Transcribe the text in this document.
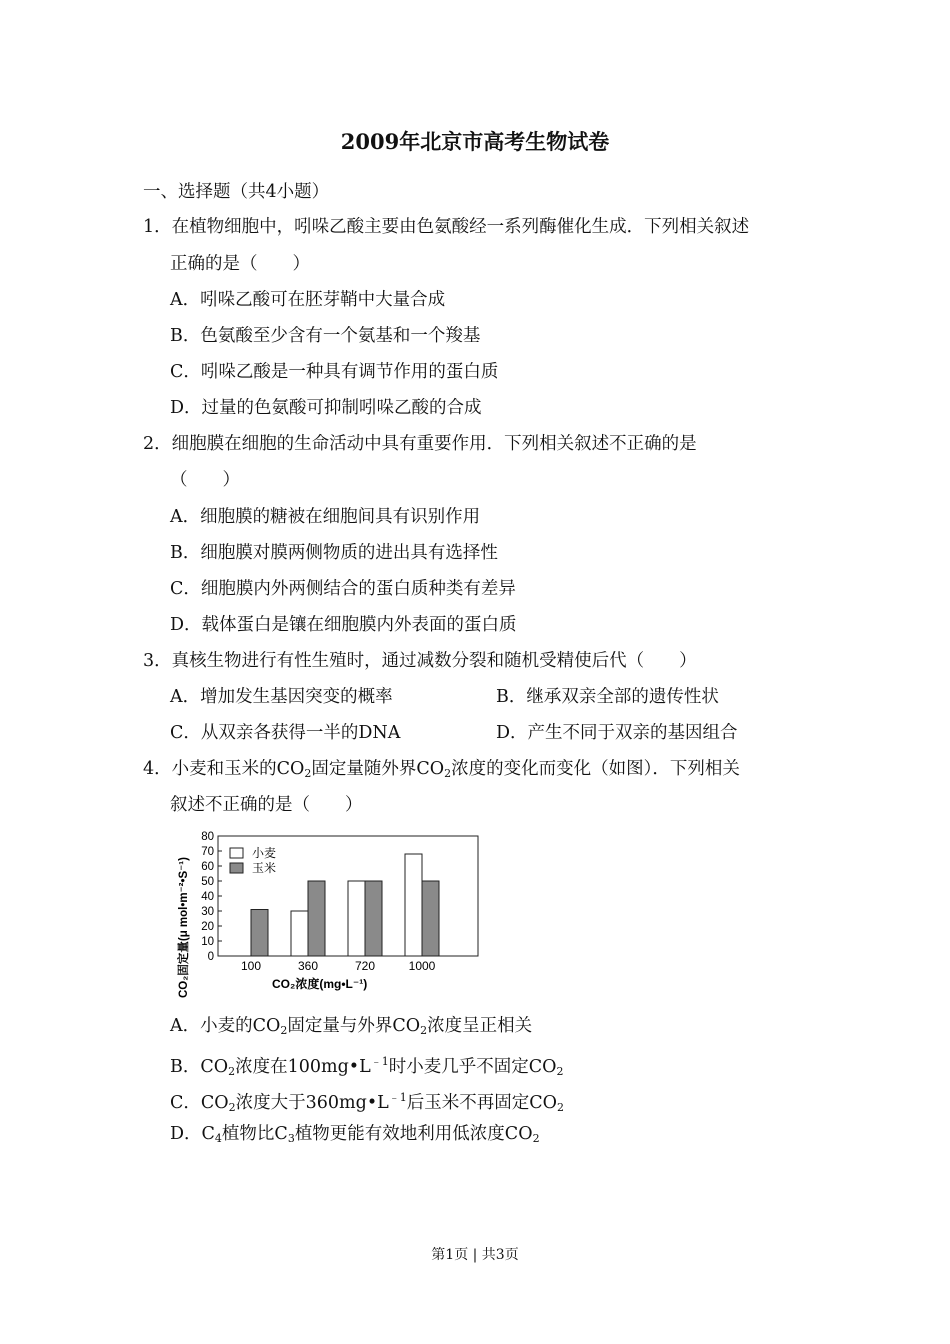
2009年北京市高考生物试卷
一、选择题（共4小题）
1．在植物细胞中，吲哚乙酸主要由色氨酸经一系列酶催化生成．下列相关叙述
正确的是（　　）
A．吲哚乙酸可在胚芽鞘中大量合成
B．色氨酸至少含有一个氨基和一个羧基
C．吲哚乙酸是一种具有调节作用的蛋白质
D．过量的色氨酸可抑制吲哚乙酸的合成
2．细胞膜在细胞的生命活动中具有重要作用．下列相关叙述不正确的是
（　　）
A．细胞膜的糖被在细胞间具有识别作用
B．细胞膜对膜两侧物质的进出具有选择性
C．细胞膜内外两侧结合的蛋白质种类有差异
D．载体蛋白是镶在细胞膜内外表面的蛋白质
3．真核生物进行有性生殖时，通过减数分裂和随机受精使后代（　　）
A．增加发生基因突变的概率	B．继承双亲全部的遗传性状
C．从双亲各获得一半的DNA	D．产生不同于双亲的基因组合
4．小麦和玉米的$CO_2$固定量随外界$CO_2$浓度的变化而变化（如图）．下列相关
叙述不正确的是（　　）
0
10
20
30
40
50
60
70
80
100	360	720	1000
小麦
玉米
CO₂固定量(μ mol•m⁻²•S⁻¹)	CO₂浓度(mg•L⁻¹)
A．小麦的$CO_2$固定量与外界$CO_2$浓度呈正相关
B．$CO_2$浓度在$100mg•L^{﹣1}$时小麦几乎不固定$CO_2$
C．$CO_2$浓度大于$360mg•L^{﹣1}$后玉米不再固定$CO_2$
D．$C_4$植物比$C_3$植物更能有效地利用低浓度$CO_2$
第1页 | 共3页
